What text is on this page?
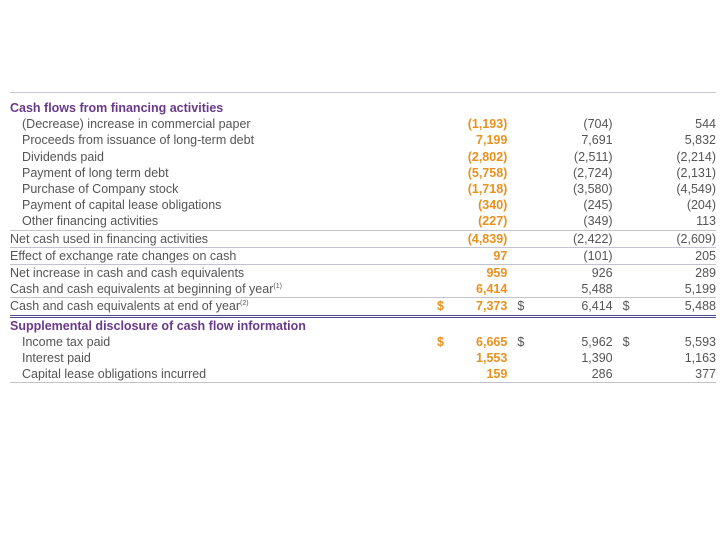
Cash flows from financing activities			
(Decrease) increase in commercial paper	(1,193)	(704)	544
Proceeds from issuance of long-term debt	7,199	7,691	5,832
Dividends paid	(2,802)	(2,511)	(2,214)
Payment of long term debt	(5,758)	(2,724)	(2,131)
Purchase of Company stock	(1,718)	(3,580)	(4,549)
Payment of capital lease obligations	(340)	(245)	(204)
Other financing activities	(227)	(349)	113
Net cash used in financing activities	(4,839)	(2,422)	(2,609)
Effect of exchange rate changes on cash	97	(101)	205
Net increase in cash and cash equivalents	959	926	289
Cash and cash equivalents at beginning of year$^{(1)}$	6,414	5,488	5,199
Cash and cash equivalents at end of year$^{(2)}$	$ 7,373	$ 6,414	$ 5,488
Supplemental disclosure of cash flow information			
Income tax paid	$ 6,665	$ 5,962	$ 5,593
Interest paid	1,553	1,390	1,163
Capital lease obligations incurred	159	286	377
